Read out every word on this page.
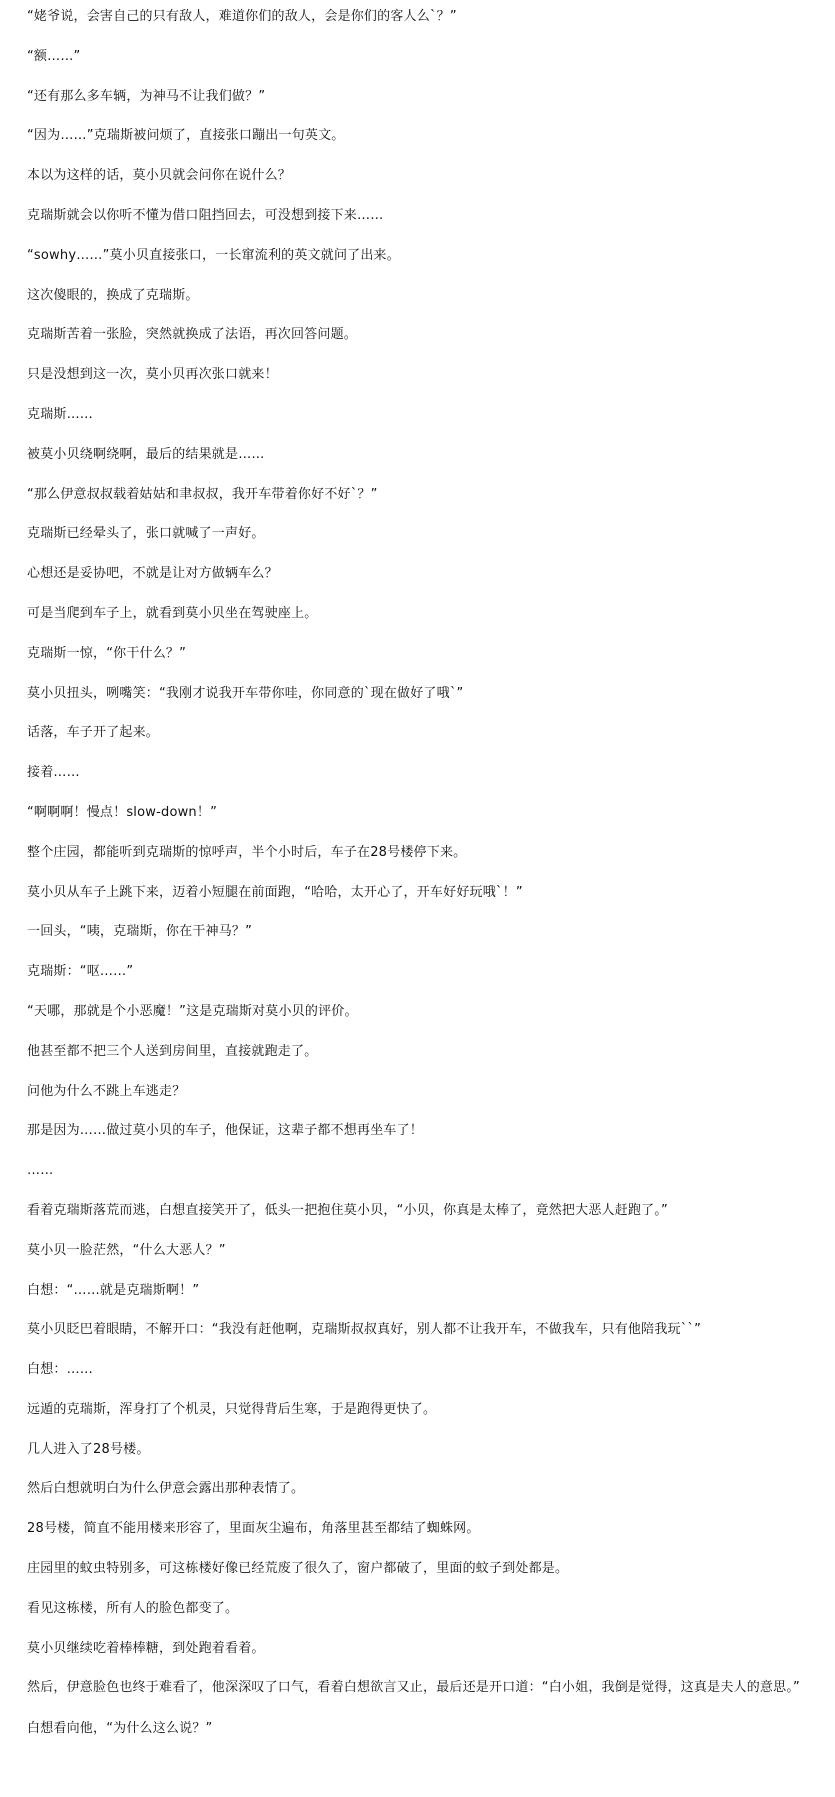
“姥爷说，会害自己的只有敌人，难道你们的敌人，会是你们的客人么`？”

“额……”

“还有那么多车辆，为神马不让我们做？”

“因为……”克瑞斯被问烦了，直接张口蹦出一句英文。

本以为这样的话，莫小贝就会问你在说什么？

克瑞斯就会以你听不懂为借口阻挡回去，可没想到接下来……

“sowhy……”莫小贝直接张口，一长窜流利的英文就问了出来。

这次傻眼的，换成了克瑞斯。

克瑞斯苦着一张脸，突然就换成了法语，再次回答问题。

只是没想到这一次，莫小贝再次张口就来！

克瑞斯……

被莫小贝绕啊绕啊，最后的结果就是……

“那么伊意叔叔载着姑姑和聿叔叔，我开车带着你好不好`？”

克瑞斯已经晕头了，张口就喊了一声好。

心想还是妥协吧，不就是让对方做辆车么？

可是当爬到车子上，就看到莫小贝坐在驾驶座上。

克瑞斯一惊，“你干什么？”

莫小贝扭头，咧嘴笑：“我刚才说我开车带你哇，你同意的`现在做好了哦`”

话落，车子开了起来。

接着……

“啊啊啊！慢点！slow-down！”

整个庄园，都能听到克瑞斯的惊呼声，半个小时后，车子在28号楼停下来。

莫小贝从车子上跳下来，迈着小短腿在前面跑，“哈哈，太开心了，开车好好玩哦`！”

一回头，“咦，克瑞斯，你在干神马？”

克瑞斯：“呕……”

“天哪，那就是个小恶魔！”这是克瑞斯对莫小贝的评价。

他甚至都不把三个人送到房间里，直接就跑走了。

问他为什么不跳上车逃走？

那是因为……做过莫小贝的车子，他保证，这辈子都不想再坐车了！

……

看着克瑞斯落荒而逃，白想直接笑开了，低头一把抱住莫小贝，“小贝，你真是太棒了，竟然把大恶人赶跑了。”

莫小贝一脸茫然，“什么大恶人？”

白想：“……就是克瑞斯啊！”

莫小贝眨巴着眼睛，不解开口：“我没有赶他啊，克瑞斯叔叔真好，别人都不让我开车，不做我车，只有他陪我玩``”

白想：……

远遁的克瑞斯，浑身打了个机灵，只觉得背后生寒，于是跑得更快了。

几人进入了28号楼。

然后白想就明白为什么伊意会露出那种表情了。

28号楼，简直不能用楼来形容了，里面灰尘遍布，角落里甚至都结了蜘蛛网。

庄园里的蚊虫特别多，可这栋楼好像已经荒废了很久了，窗户都破了，里面的蚊子到处都是。

看见这栋楼，所有人的脸色都变了。

莫小贝继续吃着棒棒糖，到处跑着看着。

然后，伊意脸色也终于难看了，他深深叹了口气，看着白想欲言又止，最后还是开口道：“白小姐，我倒是觉得，这真是夫人的意思。”

白想看向他，“为什么这么说？”
